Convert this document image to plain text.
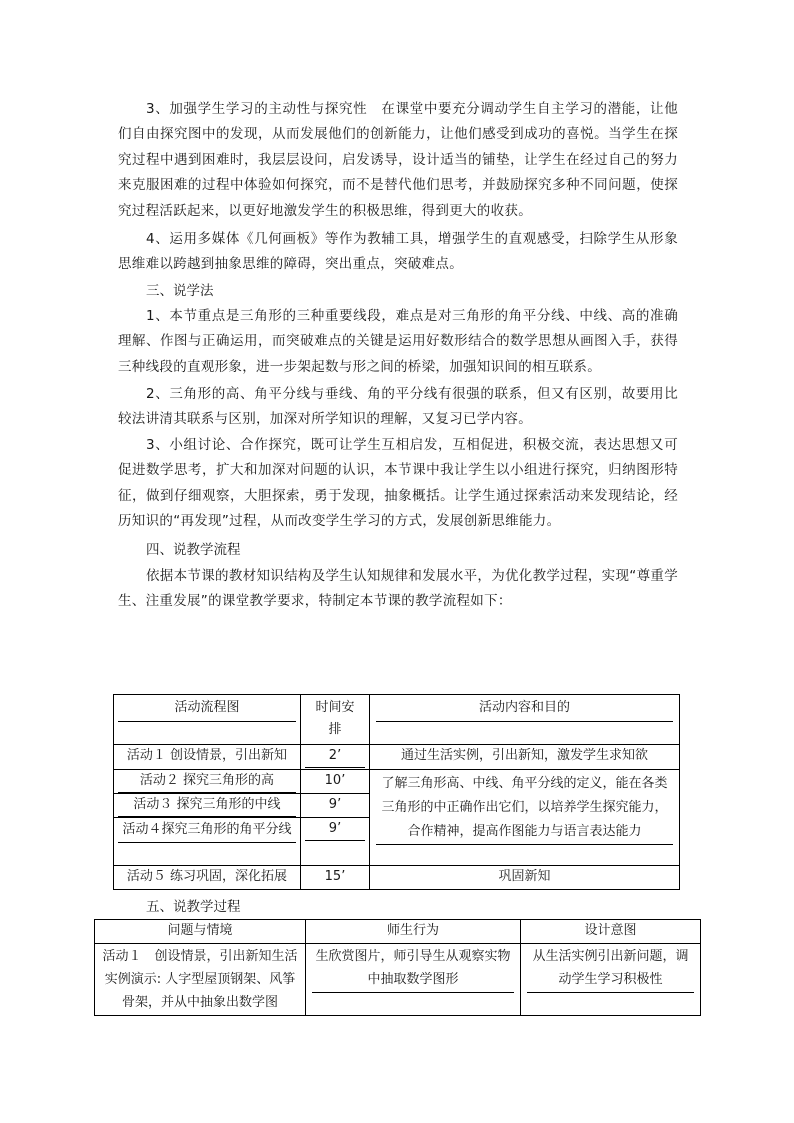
3、加强学生学习的主动性与探究性　在课堂中要充分调动学生自主学习的潜能，让他们自由探究图中的发现，从而发展他们的创新能力，让他们感受到成功的喜悦。当学生在探究过程中遇到困难时，我层层设问，启发诱导，设计适当的铺垫，让学生在经过自己的努力来克服困难的过程中体验如何探究，而不是替代他们思考，并鼓励探究多种不同问题，使探究过程活跃起来，以更好地激发学生的积极思维，得到更大的收获。
4、运用多媒体《几何画板》等作为教辅工具，增强学生的直观感受，扫除学生从形象思维难以跨越到抽象思维的障碍，突出重点，突破难点。
三、说学法
1、本节重点是三角形的三种重要线段，难点是对三角形的角平分线、中线、高的准确理解、作图与正确运用，而突破难点的关键是运用好数形结合的数学思想从画图入手，获得三种线段的直观形象，进一步架起数与形之间的桥梁，加强知识间的相互联系。
2、三角形的高、角平分线与垂线、角的平分线有很强的联系，但又有区别，故要用比较法讲清其联系与区别，加深对所学知识的理解，又复习已学内容。
3、小组讨论、合作探究，既可让学生互相启发，互相促进，积极交流，表达思想又可促进数学思考，扩大和加深对问题的认识，本节课中我让学生以小组进行探究，归纳图形特征，做到仔细观察，大胆探索，勇于发现，抽象概括。让学生通过探索活动来发现结论，经历知识的“再发现”过程，从而改变学生学习的方式，发展创新思维能力。
四、说教学流程
依据本节课的教材知识结构及学生认知规律和发展水平，为优化教学过程，实现“尊重学生、注重发展”的课堂教学要求，特制定本节课的教学流程如下：
活动流程图	时间安排	活动内容和目的

活动１ 创设情景，引出新知	2’	通过生活实例，引出新知，激发学生求知欲

活动２ 探究三角形的高	10’	了解三角形高、中线、角平分线的定义，能在各类三角形的中正确作出它们，以培养学生探究能力，合作精神，提高作图能力与语言表达能力

活动３ 探究三角形的中线	9’	

活动４探究三角形的角平分线	9’	

活动５ 练习巩固，深化拓展	15’	巩固新知
五、说教学过程
问题与情境	师生行为	设计意图

活动１　创设情景，引出新知生活实例演示: 人字型屋顶钢架、风筝骨架，并从中抽象出数学图	生欣赏图片，师引导生从观察实物中抽取数学图形	从生活实例引出新问题，调动学生学习积极性
